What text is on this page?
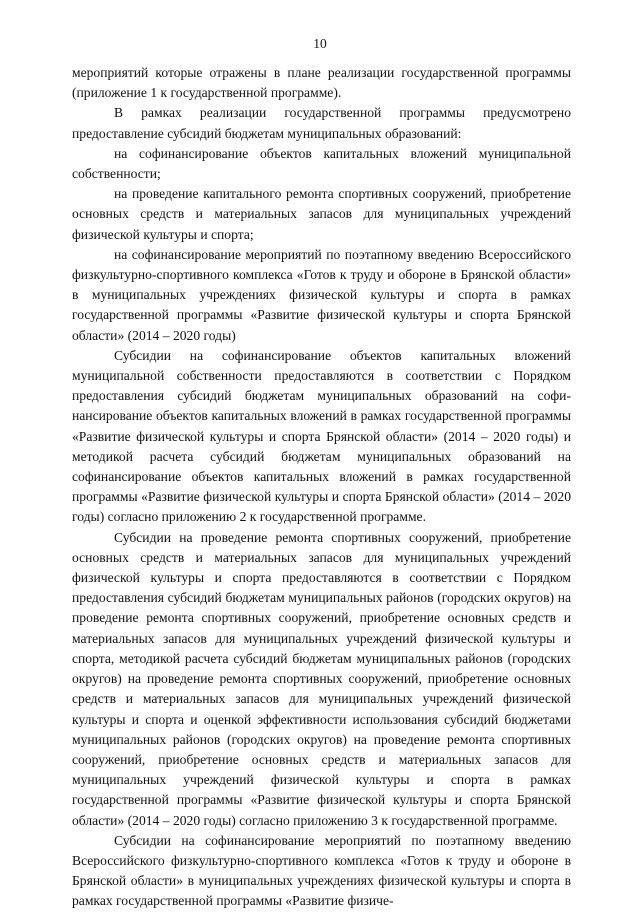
10

мероприятий которые отражены в плане реализации государственной программы (приложение 1 к государственной программе).

В рамках реализации государственной программы предусмотрено предоставление субсидий бюджетам муниципальных образований:

на софинансирование объектов капитальных вложений муниципальной собственности;

на проведение капитального ремонта спортивных сооружений, приобретение основных средств и материальных запасов для муниципальных учреждений физической культуры и спорта;

на софинансирование мероприятий по поэтапному введению Всероссийского физкультурно-спортивного комплекса «Готов к труду и обороне в Брянской области» в муниципальных учреждениях физической культуры и спорта в рамках государственной программы «Развитие физической культуры и спорта Брянской области» (2014 – 2020 годы)

Субсидии на софинансирование объектов капитальных вложений муниципальной собственности предоставляются в соответствии с Порядком предоставления субсидий бюджетам муниципальных образований на софинансирование объектов капитальных вложений в рамках государственной программы «Развитие физической культуры и спорта Брянской области» (2014 – 2020 годы) и методикой расчета субсидий бюджетам муниципальных образований на софинансирование объектов капитальных вложений в рамках государственной программы «Развитие физической культуры и спорта Брянской области» (2014 – 2020 годы) согласно приложению 2 к государственной программе.

Субсидии на проведение ремонта спортивных сооружений, приобретение основных средств и материальных запасов для муниципальных учреждений физической культуры и спорта предоставляются в соответствии с Порядком предоставления субсидий бюджетам муниципальных районов (городских округов) на проведение ремонта спортивных сооружений, приобретение основных средств и материальных запасов для муниципальных учреждений физической культуры и спорта, методикой расчета субсидий бюджетам муниципальных районов (городских округов) на проведение ремонта спортивных сооружений, приобретение основных средств и материальных запасов для муниципальных учреждений физической культуры и спорта и оценкой эффективности использования субсидий бюджетами муниципальных районов (городских округов) на проведение ремонта спортивных сооружений, приобретение основных средств и материальных запасов для муниципальных учреждений физической культуры и спорта в рамках государственной программы «Развитие физической культуры и спорта Брянской области» (2014 – 2020 годы) согласно приложению 3 к государственной программе.

Субсидии на софинансирование мероприятий по поэтапному введению Всероссийского физкультурно-спортивного комплекса «Готов к труду и обороне в Брянской области» в муниципальных учреждениях физической культуры и спорта в рамках государственной программы «Развитие физиче-
